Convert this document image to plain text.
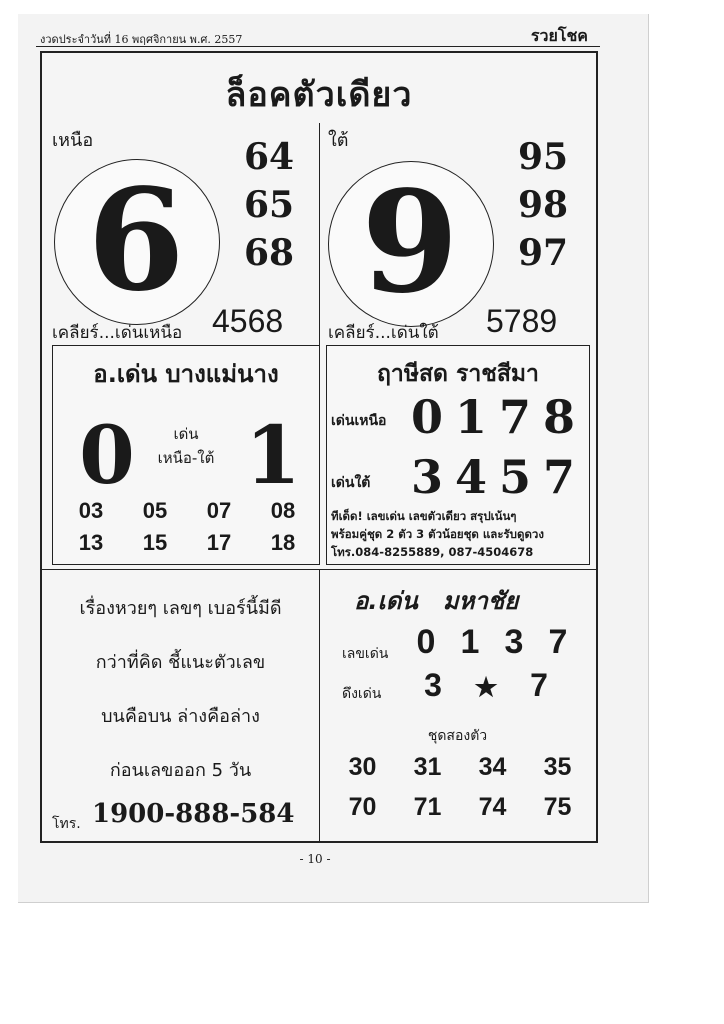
งวดประจำวันที่ 16 พฤศจิกายน พ.ศ. 2557	รวยโชค
ล็อคตัวเดียว
เหนือ
6
64
65
68
เคลียร์...เด่นเหนือ 4568
ใต้
9
95
98
97
เคลียร์...เด่นใต้ 5789
อ.เด่น บางแม่นาง
0	เด่น
เหนือ-ใต้ 1
03 05 07 08
13 15 17 18
ฤาษีสด ราชสีมา
เด่นเหนือ 0 1 7 8
เด่นใต้ 3 4 5 7
ทีเด็ด! เลขเด่น เลขตัวเดียว สรุปเน้นๆ
พร้อมคู่ชุด 2 ตัว 3 ตัวน้อยชุด และรับดูดวง
โทร.084-8255889, 087-4504678
เรื่องหวยๆ เลขๆ เบอร์นี้มีดี
กว่าที่คิด ชี้แนะตัวเลข
บนคือบน ล่างคือล่าง
ก่อนเลขออก 5 วัน
โทร. 1900-888-584
อ.เด่น   มหาชัย
เลขเด่น 0 1 3 7
ดึงเด่น	3 ★ 7
ชุดสองตัว
30 31 34 35
70 71 74 75
- 10 -
